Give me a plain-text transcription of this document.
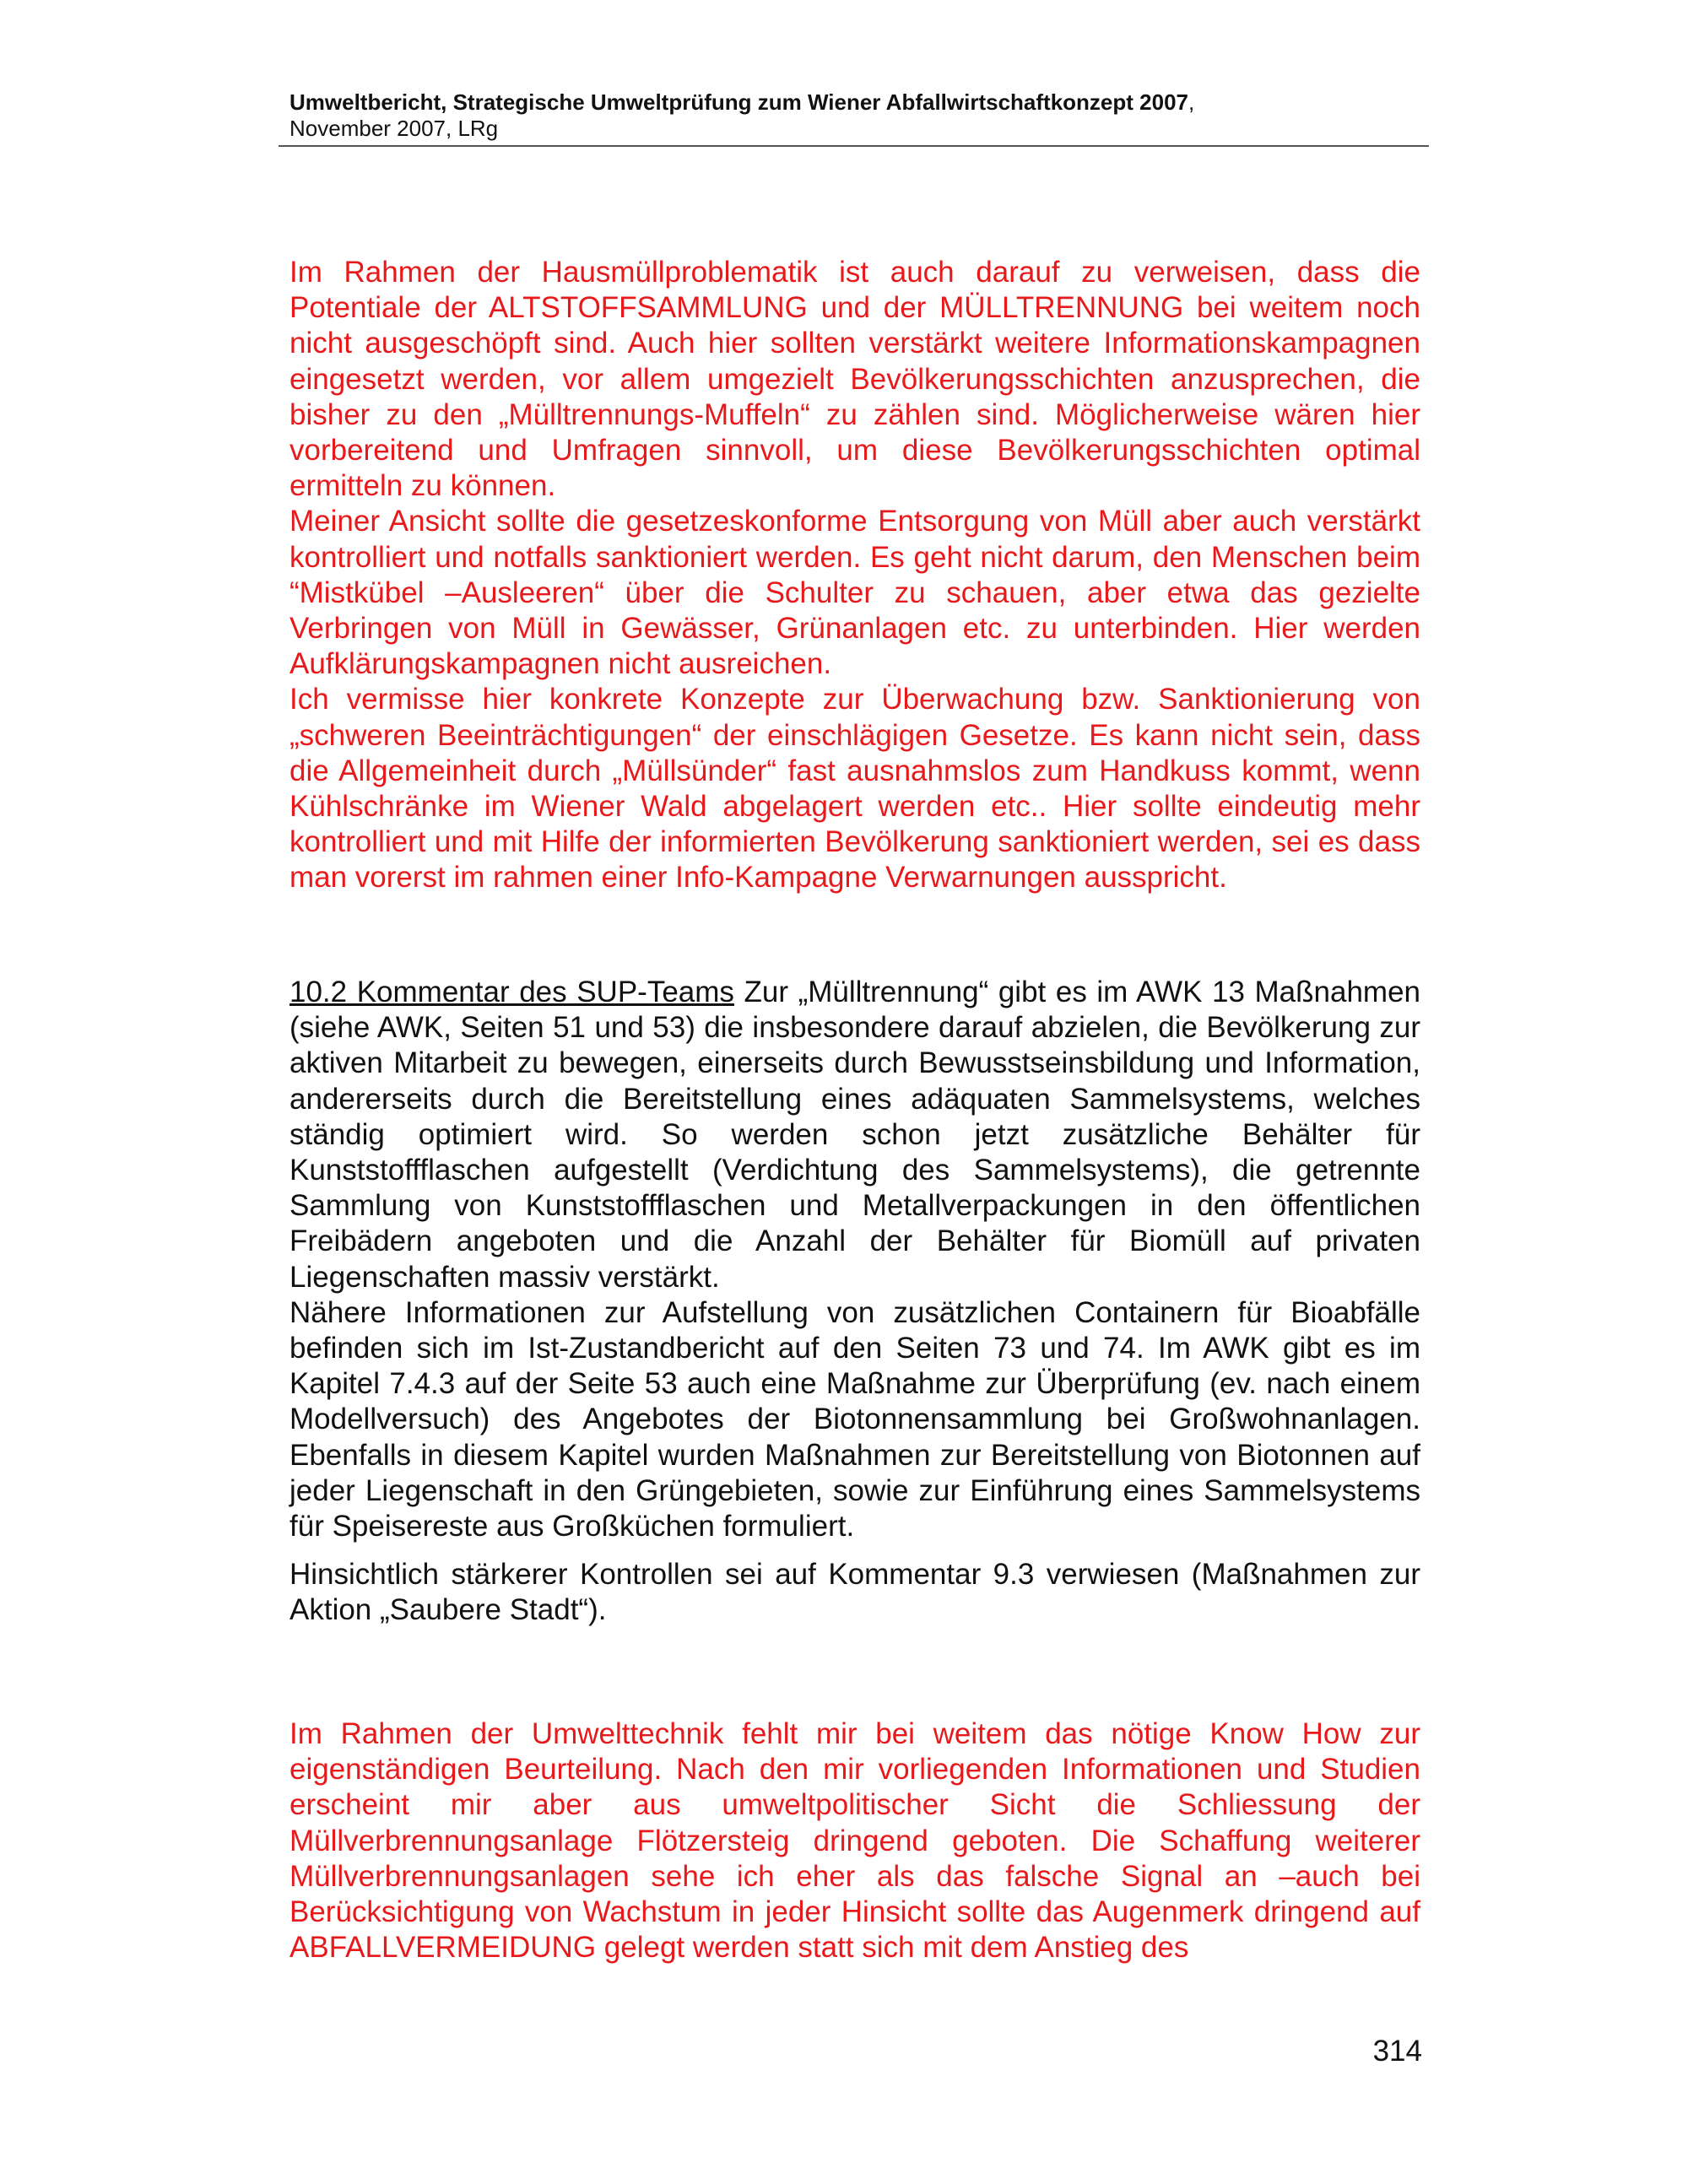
Umweltbericht, Strategische Umweltprüfung zum Wiener Abfallwirtschaftkonzept 2007,
November 2007, LRg

Im Rahmen der Hausmüllproblematik ist auch darauf zu verweisen, dass die Potentiale der ALTSTOFFSAMMLUNG und der MÜLLTRENNUNG bei weitem noch nicht ausgeschöpft sind. Auch hier sollten verstärkt weitere Informationskampagnen eingesetzt werden, vor allem umgezielt Bevölkerungsschichten anzusprechen, die bisher zu den „Mülltrennungs-Muffeln“ zu zählen sind. Möglicherweise wären hier vorbereitend und Umfragen sinnvoll, um diese Bevölkerungsschichten optimal ermitteln zu können.

Meiner Ansicht sollte die gesetzeskonforme Entsorgung von Müll aber auch verstärkt kontrolliert und notfalls sanktioniert werden. Es geht nicht darum, den Menschen beim “Mistkübel –Ausleeren“ über die Schulter zu schauen, aber etwa das gezielte Verbringen von Müll in Gewässer, Grünanlagen etc. zu unterbinden. Hier werden Aufklärungskampagnen nicht ausreichen.

Ich vermisse hier konkrete Konzepte zur Überwachung bzw. Sanktionierung von „schweren Beeinträchtigungen“ der einschlägigen Gesetze. Es kann nicht sein, dass die Allgemeinheit durch „Müllsünder“ fast ausnahmslos zum Handkuss kommt, wenn Kühlschränke im Wiener Wald abgelagert werden etc.. Hier sollte eindeutig mehr kontrolliert und mit Hilfe der informierten Bevölkerung sanktioniert werden, sei es dass man vorerst im rahmen einer Info-Kampagne Verwarnungen ausspricht.

10.2 Kommentar des SUP-Teams Zur „Mülltrennung“ gibt es im AWK 13 Maßnahmen (siehe AWK, Seiten 51 und 53) die insbesondere darauf abzielen, die Bevölkerung zur aktiven Mitarbeit zu bewegen, einerseits durch Bewusstseinsbildung und Information, andererseits durch die Bereitstellung eines adäquaten Sammelsystems, welches ständig optimiert wird. So werden schon jetzt zusätzliche Behälter für Kunststoffflaschen aufgestellt (Verdichtung des Sammelsystems), die getrennte Sammlung von Kunststoffflaschen und Metallverpackungen in den öffentlichen Freibädern angeboten und die Anzahl der Behälter für Biomüll auf privaten Liegenschaften massiv verstärkt.

Nähere Informationen zur Aufstellung von zusätzlichen Containern für Bioabfälle befinden sich im Ist-Zustandbericht auf den Seiten 73 und 74. Im AWK gibt es im Kapitel 7.4.3 auf der Seite 53 auch eine Maßnahme zur Überprüfung (ev. nach einem Modellversuch) des Angebotes der Biotonnensammlung bei Großwohnanlagen. Ebenfalls in diesem Kapitel wurden Maßnahmen zur Bereitstellung von Biotonnen auf jeder Liegenschaft in den Grüngebieten, sowie zur Einführung eines Sammelsystems für Speisereste aus Großküchen formuliert.

Hinsichtlich stärkerer Kontrollen sei auf Kommentar 9.3 verwiesen (Maßnahmen zur Aktion „Saubere Stadt“).

Im Rahmen der Umwelttechnik fehlt mir bei weitem das nötige Know How zur eigenständigen Beurteilung. Nach den mir vorliegenden Informationen und Studien erscheint mir aber aus umweltpolitischer Sicht die Schliessung der Müllverbrennungsanlage Flötzersteig dringend geboten. Die Schaffung weiterer Müllverbrennungsanlagen sehe ich eher als das falsche Signal an –auch bei Berücksichtigung von Wachstum in jeder Hinsicht sollte das Augenmerk dringend auf ABFALLVERMEIDUNG gelegt werden statt sich mit dem Anstieg des

314
